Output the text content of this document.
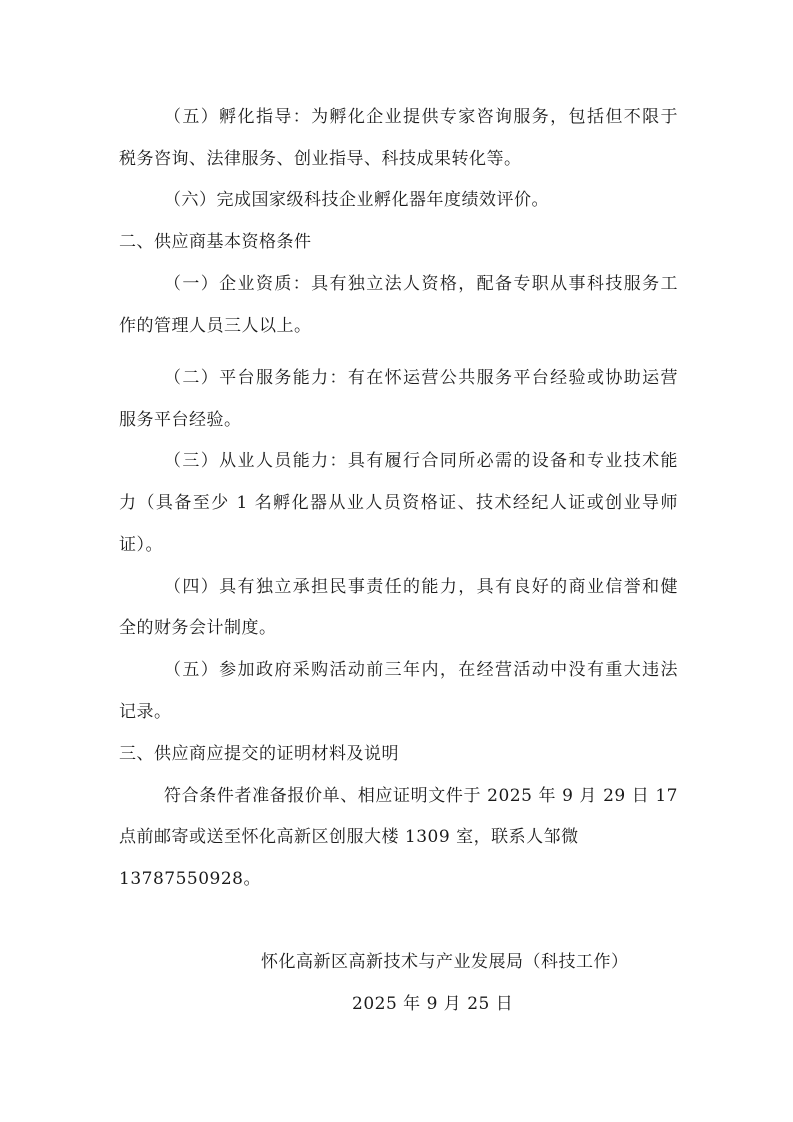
（五）孵化指导：为孵化企业提供专家咨询服务，包括但不限于
税务咨询、法律服务、创业指导、科技成果转化等。
（六）完成国家级科技企业孵化器年度绩效评价。
二、供应商基本资格条件
（一）企业资质：具有独立法人资格，配备专职从事科技服务工
作的管理人员三人以上。
（二）平台服务能力：有在怀运营公共服务平台经验或协助运营
服务平台经验。
（三）从业人员能力：具有履行合同所必需的设备和专业技术能
力（具备至少 1 名孵化器从业人员资格证、技术经纪人证或创业导师
证）。
（四）具有独立承担民事责任的能力，具有良好的商业信誉和健
全的财务会计制度。
（五）参加政府采购活动前三年内，在经营活动中没有重大违法
记录。
三、供应商应提交的证明材料及说明
符合条件者准备报价单、相应证明文件于 2025 年 9 月 29 日 17
点前邮寄或送至怀化高新区创服大楼 1309 室，联系人邹微
13787550928。
怀化高新区高新技术与产业发展局（科技工作）
2025 年 9 月 25 日
